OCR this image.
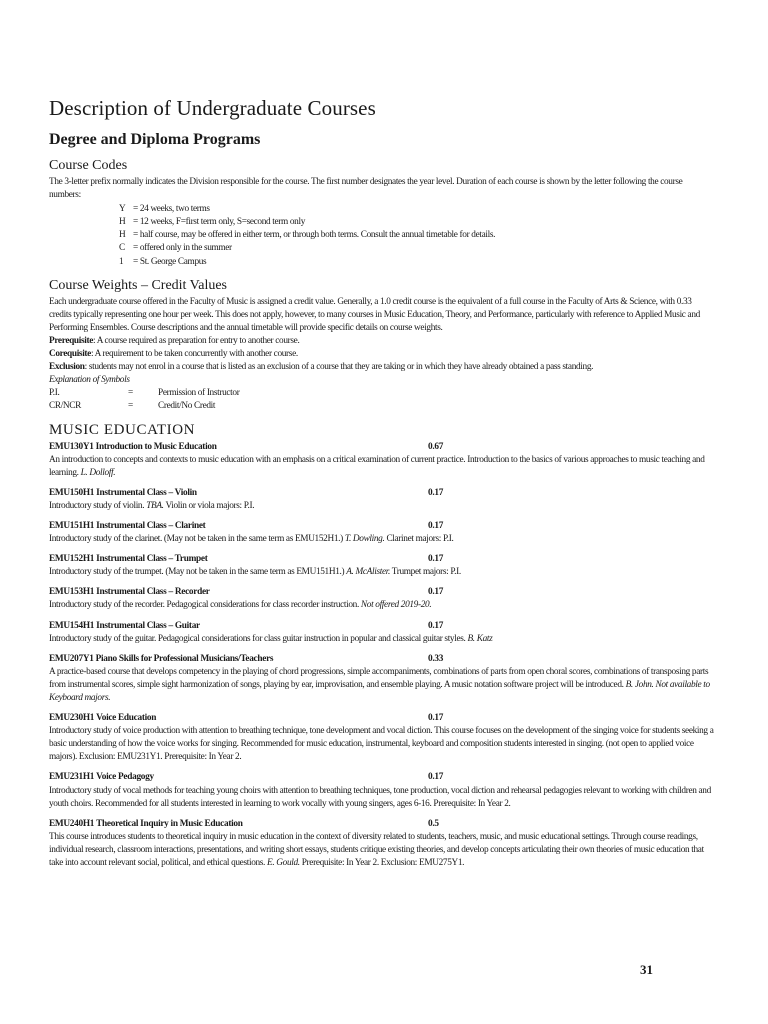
Description of Undergraduate Courses
Degree and Diploma Programs
Course Codes

The 3-letter prefix normally indicates the Division responsible for the course. The first number designates the year level. Duration of each course is shown by the letter following the course numbers:

Y = 24 weeks, two terms
H = 12 weeks, F=first term only, S=second term only
H = half course, may be offered in either term, or through both terms. Consult the annual timetable for details.
C = offered only in the summer
1	= St. George Campus
Course Weights – Credit Values

Each undergraduate course offered in the Faculty of Music is assigned a credit value. Generally, a 1.0 credit course is the equivalent of a full course in the Faculty of Arts & Science, with 0.33 credits typically representing one hour per week. This does not apply, however, to many courses in Music Education, Theory, and Performance, particularly with reference to Applied Music and Performing Ensembles. Course descriptions and the annual timetable will provide specific details on course weights.

Prerequisite: A course required as preparation for entry to another course.

Corequisite: A requirement to be taken concurrently with another course.

Exclusion: students may not enrol in a course that is listed as an exclusion of a course that they are taking or in which they have already obtained a pass standing.

Explanation of Symbols

P.I.	=	Permission of Instructor
CR/NCR	=	Credit/No Credit
MUSIC EDUCATION
EMU130Y1 Introduction to Music Education	0.67

An introduction to concepts and contexts to music education with an emphasis on a critical examination of current practice. Introduction to the basics of various approaches to music teaching and learning. L. Dolloff.

EMU150H1 Instrumental Class – Violin	0.17

Introductory study of violin. TBA. Violin or viola majors: P.I.

EMU151H1 Instrumental Class – Clarinet	0.17

Introductory study of the clarinet. (May not be taken in the same term as EMU152H1.) T. Dowling. Clarinet majors: P.I.

EMU152H1 Instrumental Class – Trumpet	0.17

Introductory study of the trumpet. (May not be taken in the same term as EMU151H1.) A. McAlister. Trumpet majors: P.I.

EMU153H1 Instrumental Class – Recorder	0.17

Introductory study of the recorder. Pedagogical considerations for class recorder instruction. Not offered 2019-20.

EMU154H1 Instrumental Class – Guitar	0.17

Introductory study of the guitar. Pedagogical considerations for class guitar instruction in popular and classical guitar styles. B. Katz

EMU207Y1 Piano Skills for Professional Musicians/Teachers	0.33

A practice-based course that develops competency in the playing of chord progressions, simple accompaniments, combinations of parts from open choral scores, combinations of transposing parts from instrumental scores, simple sight harmonization of songs, playing by ear, improvisation, and ensemble playing. A music notation software project will be introduced. B. John. Not available to Keyboard majors.

EMU230H1 Voice Education	0.17

Introductory study of voice production with attention to breathing technique, tone development and vocal diction. This course focuses on the development of the singing voice for students seeking a basic understanding of how the voice works for singing. Recommended for music education, instrumental, keyboard and composition students interested in singing. (not open to applied voice majors). Exclusion: EMU231Y1. Prerequisite: In Year 2.

EMU231H1 Voice Pedagogy	0.17

Introductory study of vocal methods for teaching young choirs with attention to breathing techniques, tone production, vocal diction and rehearsal pedagogies relevant to working with children and youth choirs. Recommended for all students interested in learning to work vocally with young singers, ages 6-16. Prerequisite: In Year 2.

EMU240H1 Theoretical Inquiry in Music Education	0.5

This course introduces students to theoretical inquiry in music education in the context of diversity related to students, teachers, music, and music educational settings. Through course readings, individual research, classroom interactions, presentations, and writing short essays, students critique existing theories, and develop concepts articulating their own theories of music education that take into account relevant social, political, and ethical questions. E. Gould. Prerequisite: In Year 2. Exclusion: EMU275Y1.

31
